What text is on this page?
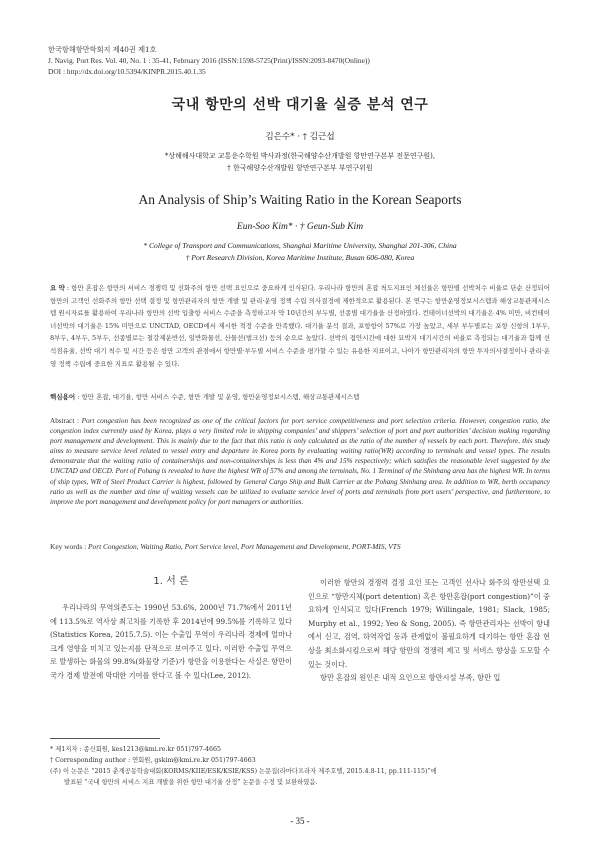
한국항해항만학회지 제40권 제1호
J. Navig. Port Res. Vol. 40, No. 1 : 35-41, February 2016 (ISSN:1598-5725(Print)/ISSN:2093-8470(Online))
DOI : http://dx.doi.org/10.5394/KINPR.2015.40.1.35
국내 항만의 선박 대기율 실증 분석 연구
김은수* · † 김근섭
*상해해사대학교 교통운수학원 박사과정(한국해양수산개발원 항만연구본부 전문연구원),
† 한국해양수산개발원 항만연구본부 부연구위원
An Analysis of Ship’s Waiting Ratio in the Korean Seaports
Eun-Soo Kim* · † Geun-Sub Kim
* College of Transport and Communications, Shanghai Maritime University, Shanghai 201-306, China
† Port Research Division, Korea Maritime Institute, Busan 606-080, Korea
요 약 : 항만 혼잡은 항만의 서비스 경쟁력 및 선화주의 항만 선택 요인으로 중요하게 인식된다. 우리나라 항만의 혼잡 척도지표인 체선율은 항만별 선박처수 비율로 단순 산정되어 항만의 고객인 선화주의 항만 선택 결정 및 항만관리자의 항만 개발 및 관리·운영 정책 수립 의사결정에 제한적으로 활용된다. 본 연구는 항만운영정보시스템과 해상교통관제시스템 원시자료를 활용하여 우리나라 항만의 선박 입출항 서비스 수준을 측정하고자 약 10년간의 부두별, 선종별 대기율을 산정하였다. 컨테이너선박의 대기율은 4% 미만, 비컨테이너선박의 대기율은 15% 미만으로 UNCTAD, OECD에서 제시한 적정 수준을 만족했다. 대기율 분석 결과, 포항항이 57%로 가장 높았고, 세부 부두별로는 포항 신항의 1부두, 8부두, 4부두, 5부두, 선종별로는 철강제운반선, 일반화물선, 산물선(벌크선) 등의 순으로 높았다. 선박의 접안시간에 대한 묘박지 대기시간의 비율로 측정되는 대기율과 함께 선석점유율, 선박 대기 척수 및 시간 등은 항만 고객의 관점에서 항만별·부두별 서비스 수준을 평가할 수 있는 유용한 지표이고, 나아가 항만관리자의 항만 투자의사결정이나 관리·운영 정책 수립에 중요한 지표로 활용될 수 있다.
핵심용어 : 항만 혼잡, 대기율, 항만 서비스 수준, 항만 개발 및 운영, 항만운영정보시스템, 해상교통관제시스템
Abstract : Port congestion has been recognized as one of the critical factors for port service competitiveness and port selection criteria. However, congestion ratio, the congestion index currently used by Korea, plays a very limited role in shipping companies’ and shippers’ selection of port and port authorities’ decision making regarding port management and development. This is mainly due to the fact that this ratio is only calculated as the ratio of the number of vessels by each port. Therefore, this study aims to measure service level related to vessel entry and departure in Korea ports by evaluating waiting ratio(WR) according to terminals and vessel types. The results demonstrate that the waiting ratio of containerships and non-containerships is less than 4% and 15% respectively; which satisfies the reasonable level suggested by the UNCTAD and OECD. Port of Pohang is revealed to have the highest WR of 57% and among the terminals, No. 1 Terminal of the Shinhang area has the highest WR. In terms of ship types, WR of Steel Product Carrier is highest, followed by General Cargo Ship and Bulk Carrier at the Pohang Shinhang area. In addition to WR, berth occupancy ratio as well as the number and time of waiting vessels can be utilized to evaluate service level of ports and terminals from port users’ perspective, and furthermore, to improve the port management and development policy for port managers or authorities.
Key words : Port Congestion, Waiting Ratio, Port Service level, Port Management and Development, PORT-MIS, VTS
1. 서 론

우리나라의 무역의존도는 1990년 53.6%, 2000년 71.7%에서 2011년에 113.5%로 역사상 최고치를 기록한 후 2014년에 99.5%를 기록하고 있다(Statistics Korea, 2015.7.5). 이는 수출입 무역이 우리나라 경제에 얼마나 크게 영향을 미치고 있는지를 단적으로 보여주고 있다. 이러한 수출입 무역으로 발생하는 화물의 99.8%(화물량 기준)가 항만을 이용한다는 사실은 항만이 국가 경제 발전에 막대한 기여를 한다고 볼 수 있다(Lee, 2012).

이러한 항만의 경쟁력 결정 요인 또는 고객인 선사나 화주의 항만선택 요인으로 “항만지체(port detention) 혹은 항만혼잡(port congestion)”이 중요하게 인식되고 있다(French 1979; Willingale, 1981; Slack, 1985; Murphy et al., 1992; Yeo & Song, 2005). 즉 항만관리자는 선박이 항내에서 신고, 검역, 하역작업 등과 관계없이 불필요하게 대기하는 항만 혼잡 현상을 최소화시킴으로써 해당 항만의 경쟁력 제고 및 서비스 향상을 도모할 수 있는 것이다.

항만 혼잡의 원인은 내적 요인으로 항만시설 부족, 항만 입

* 제1저자 : 종신회원, kes1213@kmi.re.kr 051)797-4665
† Corresponding author : 연회원, gskim@kmi.re.kr 051)797-4663
(주) 이 논문은 “2015 춘계공동학술대회(KORMS/KIIE/ESK/KSIE/KSS) 논문집(라마다프라자 제주호텔, 2015.4.8-11, pp.111-115)”에
발표된 “국내 항만의 서비스 지표 개발을 위한 항만 대기율 산정” 논문을 수정 및 보완하였음.
- 35 -
